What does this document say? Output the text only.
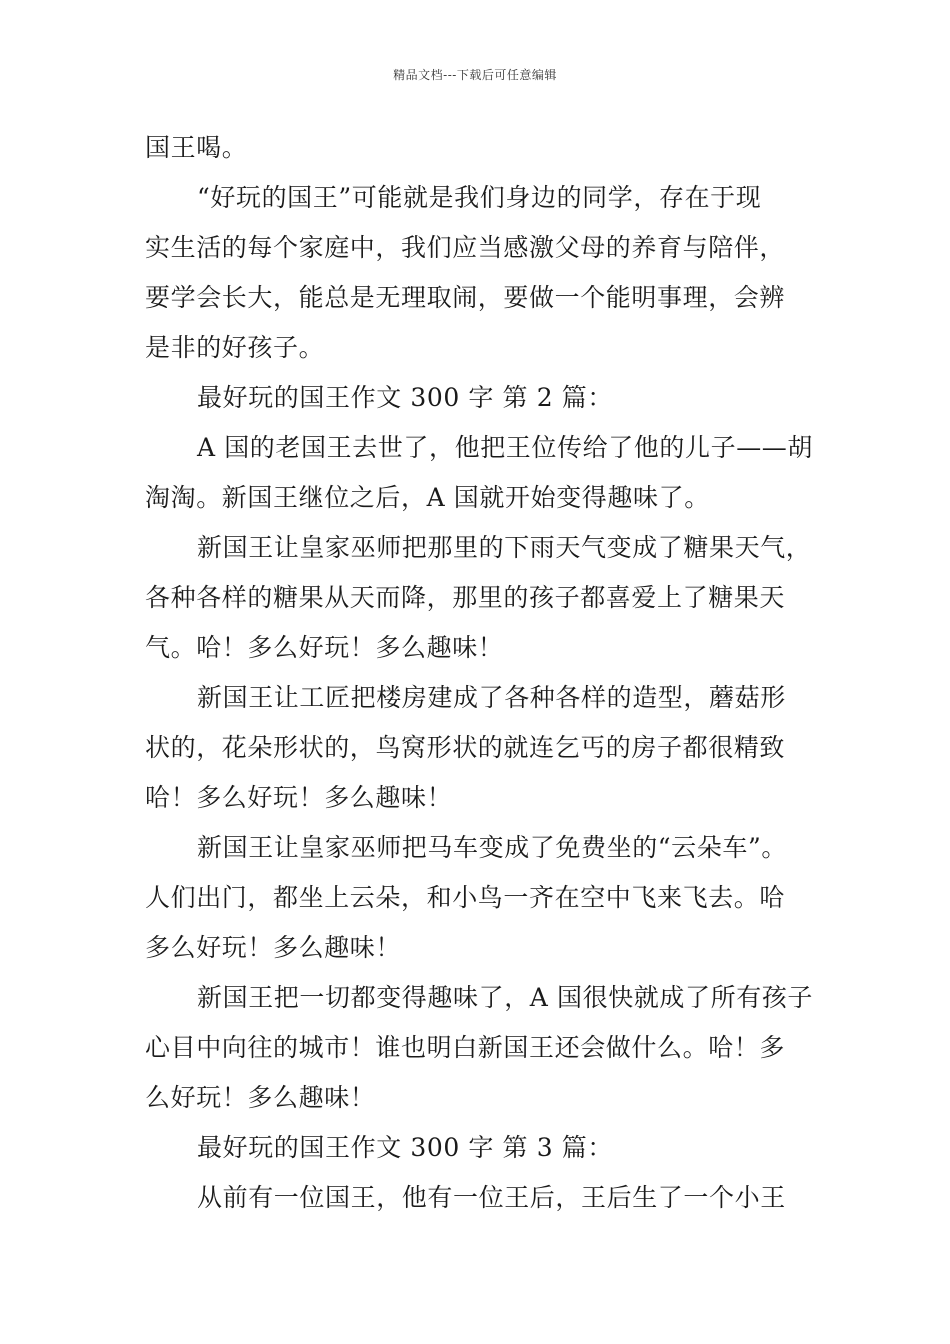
精品文档---下载后可任意编辑
国王喝。
“好玩的国王”可能就是我们身边的同学，存在于现
实生活的每个家庭中，我们应当感激父母的养育与陪伴，
要学会长大，能总是无理取闹，要做一个能明事理，会辨
是非的好孩子。
最好玩的国王作文 300 字 第 2 篇：
A 国的老国王去世了，他把王位传给了他的儿子——胡
淘淘。新国王继位之后，A 国就开始变得趣味了。
新国王让皇家巫师把那里的下雨天气变成了糖果天气，
各种各样的糖果从天而降，那里的孩子都喜爱上了糖果天
气。哈！多么好玩！多么趣味！
新国王让工匠把楼房建成了各种各样的造型，蘑菇形
状的，花朵形状的，鸟窝形状的就连乞丐的房子都很精致
哈！多么好玩！多么趣味！
新国王让皇家巫师把马车变成了免费坐的“云朵车”。
人们出门，都坐上云朵，和小鸟一齐在空中飞来飞去。哈
多么好玩！多么趣味！
新国王把一切都变得趣味了，A 国很快就成了所有孩子
心目中向往的城市！谁也明白新国王还会做什么。哈！多
么好玩！多么趣味！
最好玩的国王作文 300 字 第 3 篇：
从前有一位国王，他有一位王后，王后生了一个小王
